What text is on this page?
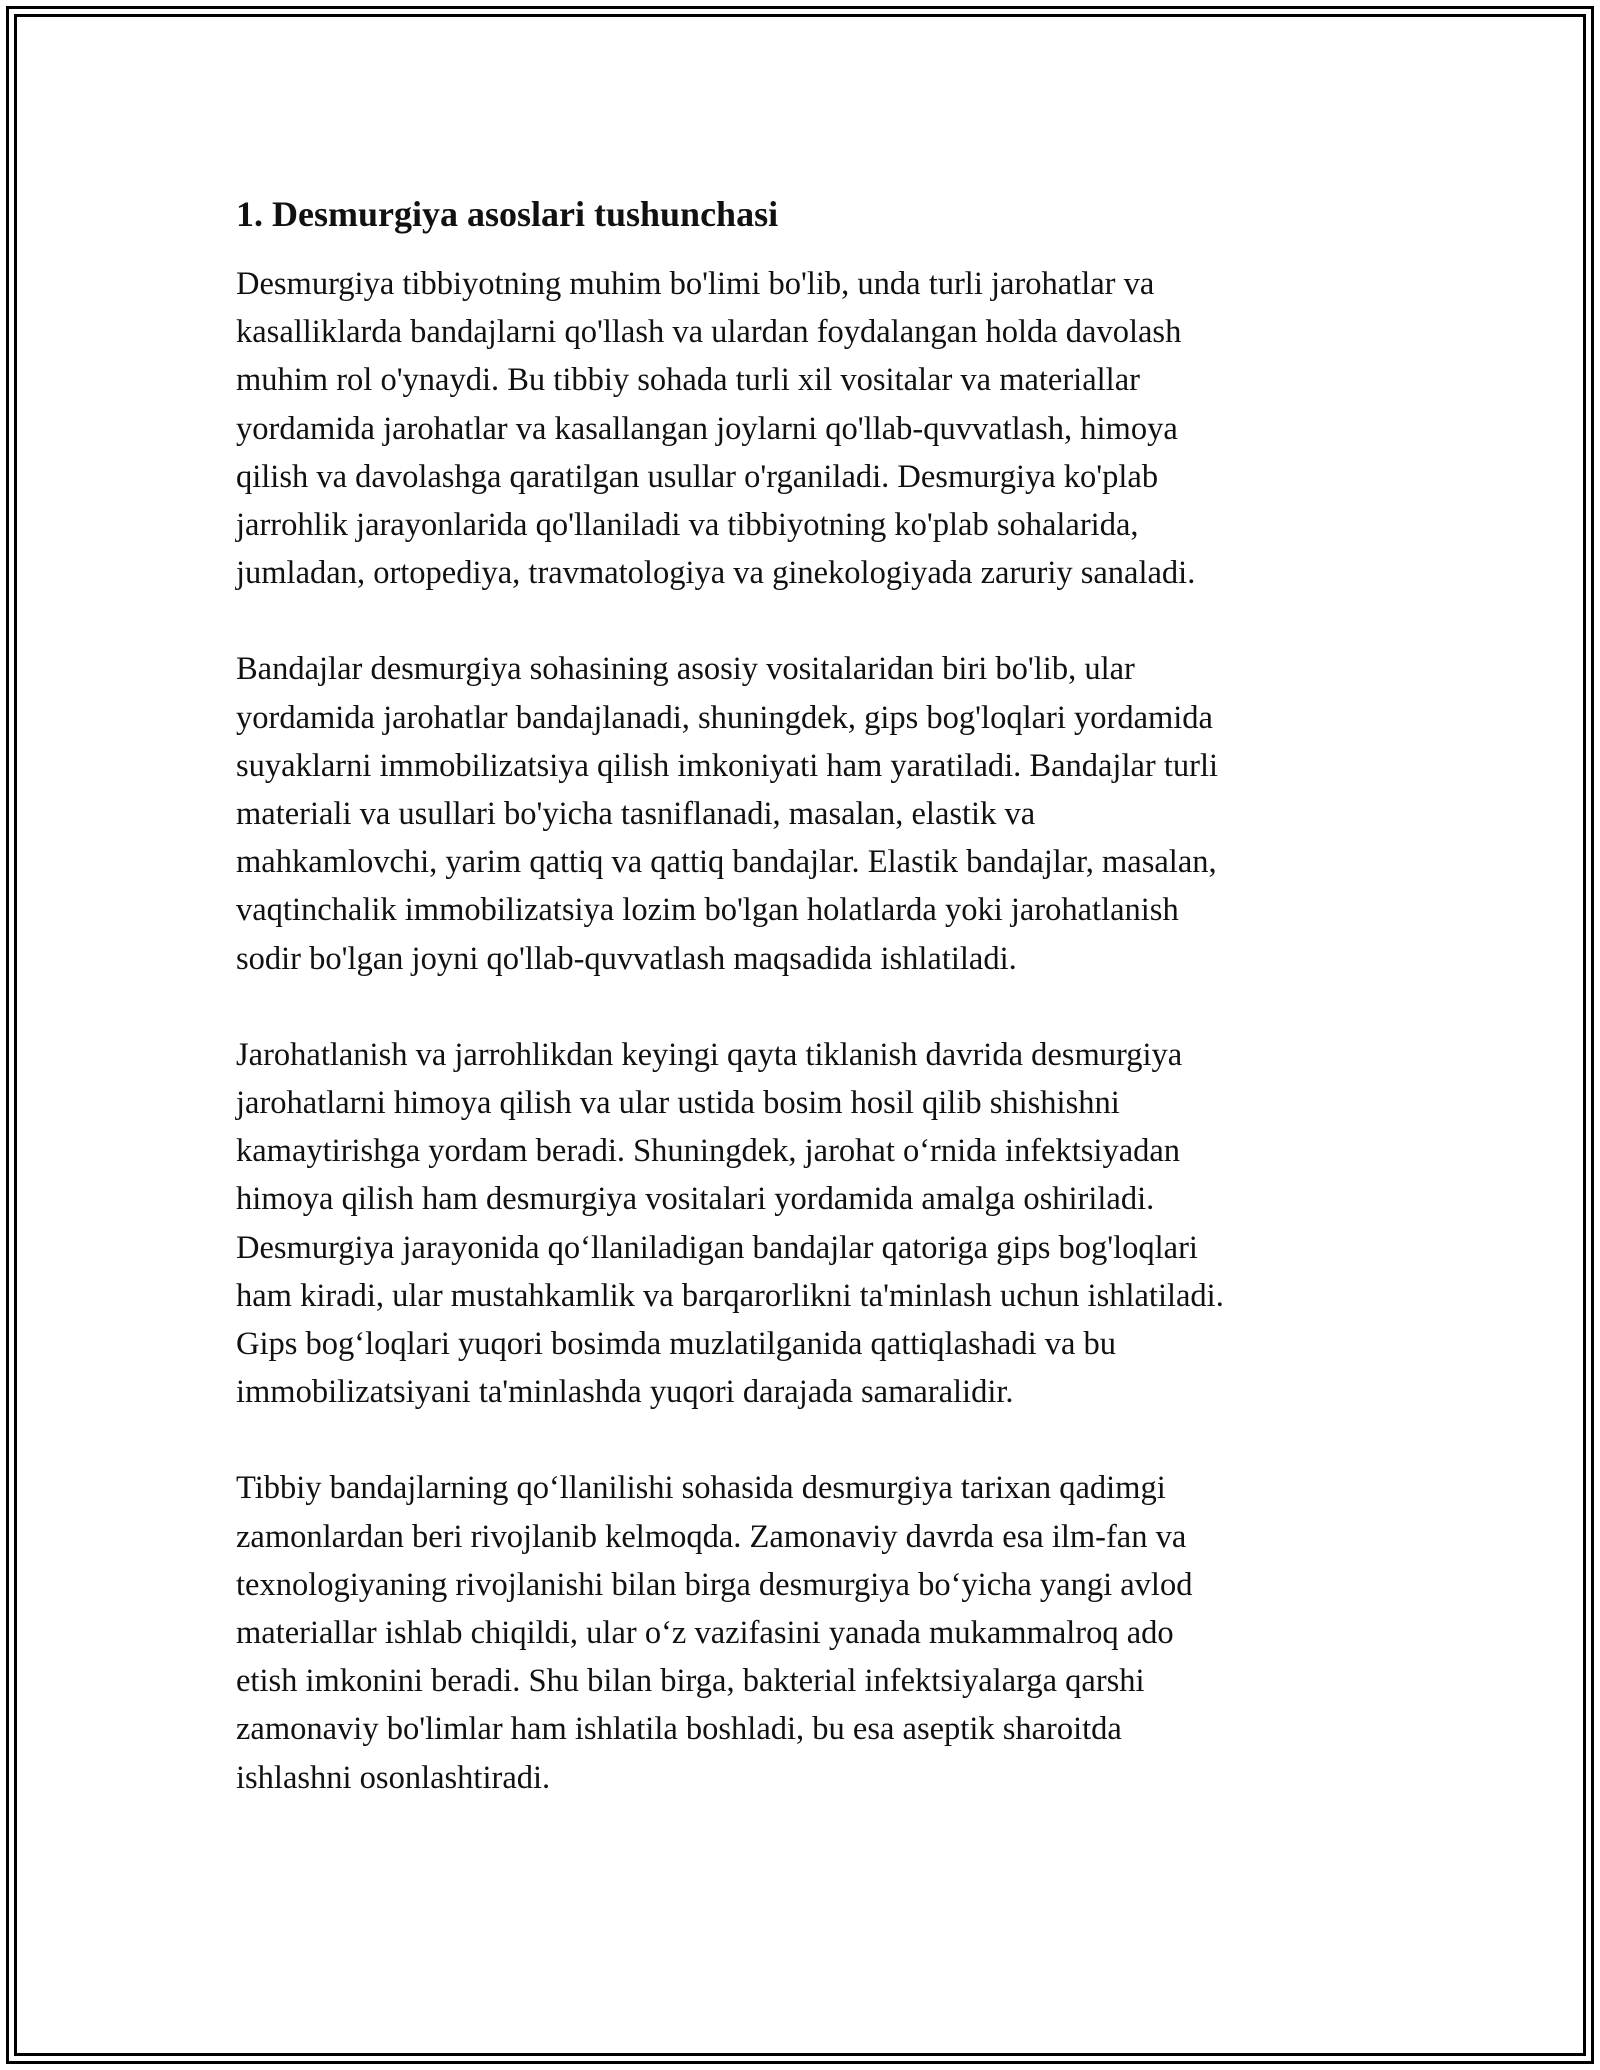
1. Desmurgiya asoslari tushunchasi

Desmurgiya tibbiyotning muhim bo'limi bo'lib, unda turli jarohatlar va
kasalliklarda bandajlarni qo'llash va ulardan foydalangan holda davolash
muhim rol o'ynaydi. Bu tibbiy sohada turli xil vositalar va materiallar
yordamida jarohatlar va kasallangan joylarni qo'llab-quvvatlash, himoya
qilish va davolashga qaratilgan usullar o'rganiladi. Desmurgiya ko'plab
jarrohlik jarayonlarida qo'llaniladi va tibbiyotning ko'plab sohalarida,
jumladan, ortopediya, travmatologiya va ginekologiyada zaruriy sanaladi.

Bandajlar desmurgiya sohasining asosiy vositalaridan biri bo'lib, ular
yordamida jarohatlar bandajlanadi, shuningdek, gips bog'loqlari yordamida
suyaklarni immobilizatsiya qilish imkoniyati ham yaratiladi. Bandajlar turli
materiali va usullari bo'yicha tasniflanadi, masalan, elastik va
mahkamlovchi, yarim qattiq va qattiq bandajlar. Elastik bandajlar, masalan,
vaqtinchalik immobilizatsiya lozim bo'lgan holatlarda yoki jarohatlanish
sodir bo'lgan joyni qo'llab-quvvatlash maqsadida ishlatiladi.

Jarohatlanish va jarrohlikdan keyingi qayta tiklanish davrida desmurgiya
jarohatlarni himoya qilish va ular ustida bosim hosil qilib shishishni
kamaytirishga yordam beradi. Shuningdek, jarohat o‘rnida infektsiyadan
himoya qilish ham desmurgiya vositalari yordamida amalga oshiriladi.
Desmurgiya jarayonida qo‘llaniladigan bandajlar qatoriga gips bog'loqlari
ham kiradi, ular mustahkamlik va barqarorlikni ta'minlash uchun ishlatiladi.
Gips bog‘loqlari yuqori bosimda muzlatilganida qattiqlashadi va bu
immobilizatsiyani ta'minlashda yuqori darajada samaralidir.

Tibbiy bandajlarning qo‘llanilishi sohasida desmurgiya tarixan qadimgi
zamonlardan beri rivojlanib kelmoqda. Zamonaviy davrda esa ilm-fan va
texnologiyaning rivojlanishi bilan birga desmurgiya bo‘yicha yangi avlod
materiallar ishlab chiqildi, ular o‘z vazifasini yanada mukammalroq ado
etish imkonini beradi. Shu bilan birga, bakterial infektsiyalarga qarshi
zamonaviy bo'limlar ham ishlatila boshladi, bu esa aseptik sharoitda
ishlashni osonlashtiradi.
